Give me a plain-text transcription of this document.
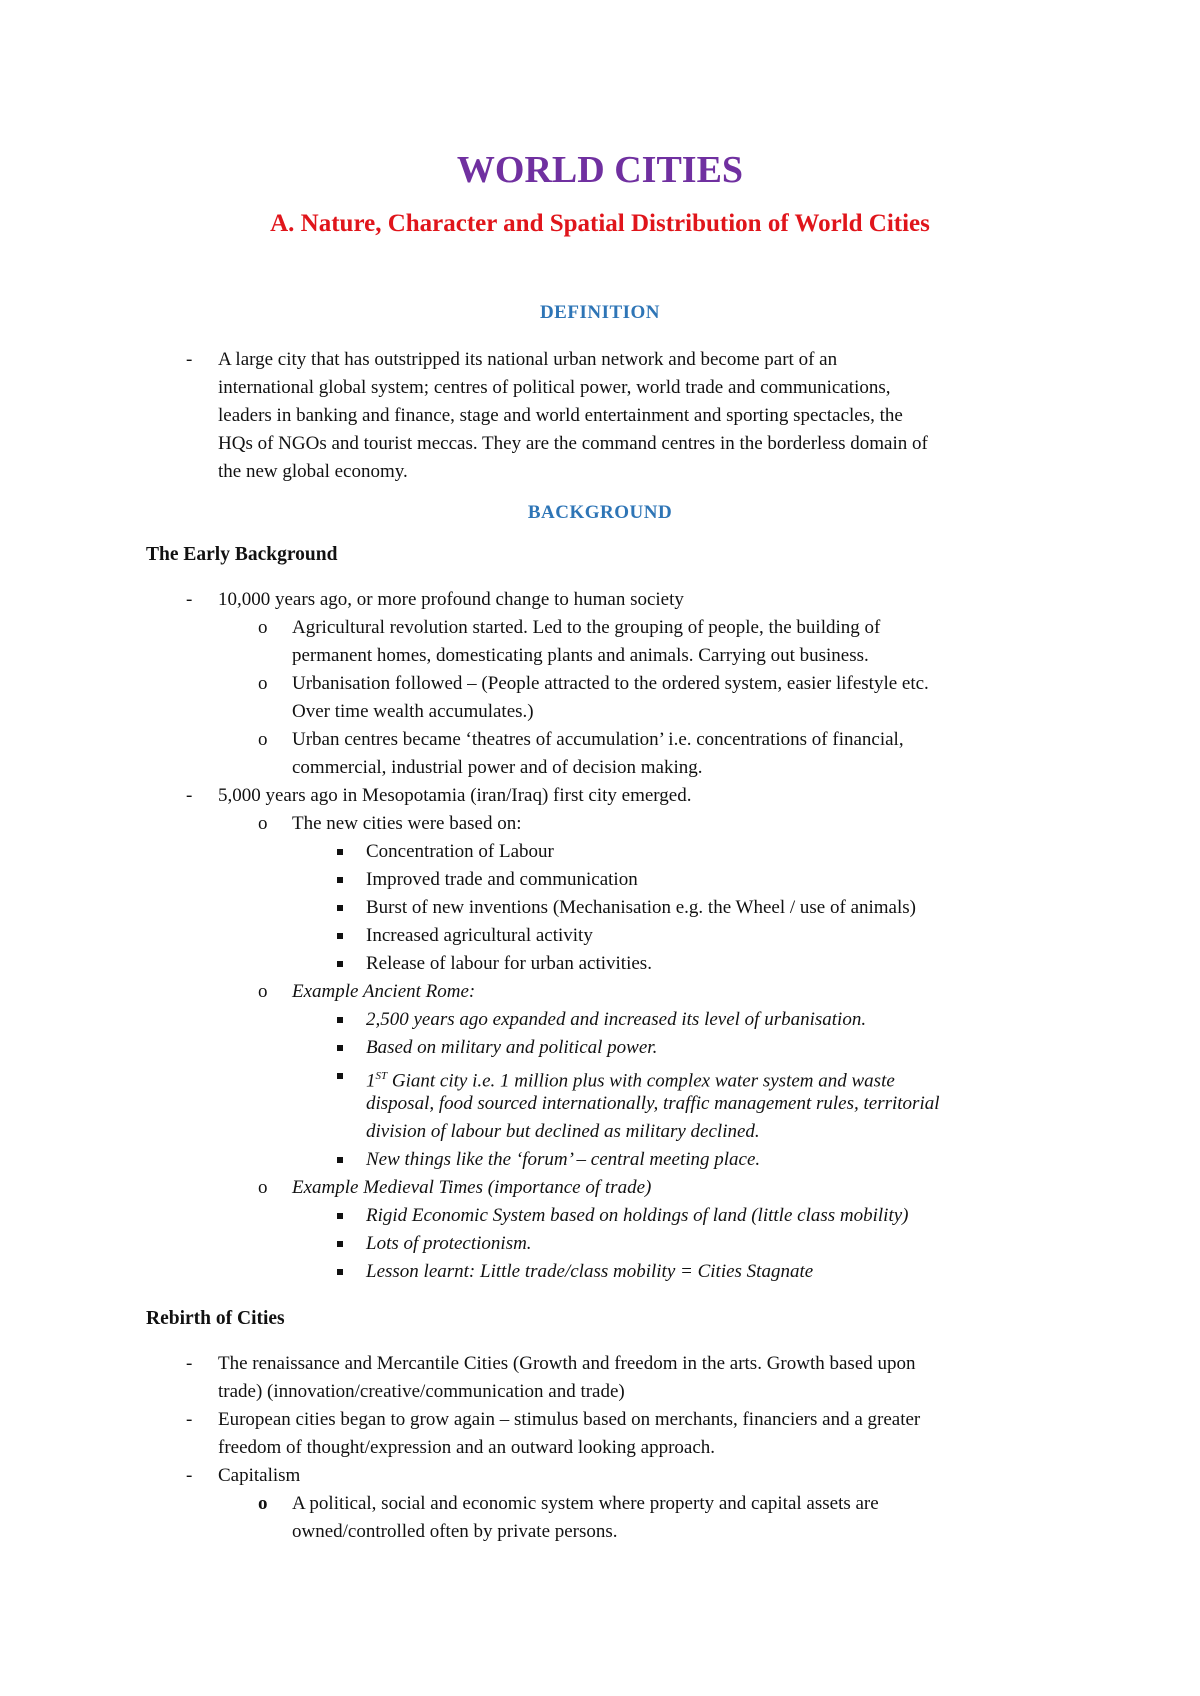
WORLD CITIES
A. Nature, Character and Spatial Distribution of World Cities
DEFINITION
- A large city that has outstripped its national urban network and become part of an
international global system; centres of political power, world trade and communications,
leaders in banking and finance, stage and world entertainment and sporting spectacles, the
HQs of NGOs and tourist meccas. They are the command centres in the borderless domain of
the new global economy.
BACKGROUND
The Early Background
- 10,000 years ago, or more profound change to human society
o Agricultural revolution started. Led to the grouping of people, the building of
permanent homes, domesticating plants and animals. Carrying out business.
o Urbanisation followed – (People attracted to the ordered system, easier lifestyle etc.
Over time wealth accumulates.)
o Urban centres became ‘theatres of accumulation’ i.e. concentrations of financial,
commercial, industrial power and of decision making.
- 5,000 years ago in Mesopotamia (iran/Iraq) first city emerged.
o The new cities were based on:
Concentration of Labour
Improved trade and communication
Burst of new inventions (Mechanisation e.g. the Wheel / use of animals)
Increased agricultural activity
Release of labour for urban activities.
o Example Ancient Rome:
2,500 years ago expanded and increased its level of urbanisation.
Based on military and political power.
1ST Giant city i.e. 1 million plus with complex water system and waste
disposal, food sourced internationally, traffic management rules, territorial
division of labour but declined as military declined.
New things like the ‘forum’ – central meeting place.
o Example Medieval Times (importance of trade)
Rigid Economic System based on holdings of land (little class mobility)
Lots of protectionism.
Lesson learnt: Little trade/class mobility = Cities Stagnate
Rebirth of Cities
- The renaissance and Mercantile Cities (Growth and freedom in the arts. Growth based upon
trade) (innovation/creative/communication and trade)
- European cities began to grow again – stimulus based on merchants, financiers and a greater
freedom of thought/expression and an outward looking approach.
- Capitalism
o A political, social and economic system where property and capital assets are
owned/controlled often by private persons.
